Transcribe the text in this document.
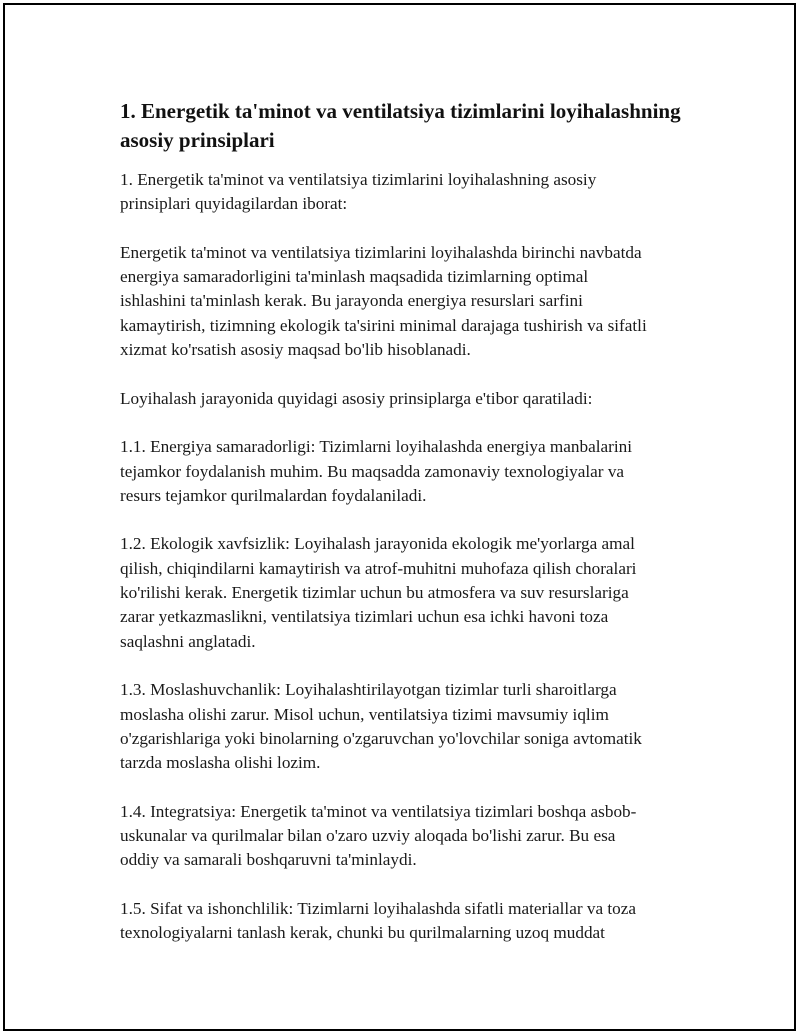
1. Energetik ta'minot va ventilatsiya tizimlarini loyihalashning asosiy prinsiplari

1. Energetik ta'minot va ventilatsiya tizimlarini loyihalashning asosiy
prinsiplari quyidagilardan iborat:

Energetik ta'minot va ventilatsiya tizimlarini loyihalashda birinchi navbatda
energiya samaradorligini ta'minlash maqsadida tizimlarning optimal
ishlashini ta'minlash kerak. Bu jarayonda energiya resurslari sarfini
kamaytirish, tizimning ekologik ta'sirini minimal darajaga tushirish va sifatli
xizmat ko'rsatish asosiy maqsad bo'lib hisoblanadi.

Loyihalash jarayonida quyidagi asosiy prinsiplarga e'tibor qaratiladi:

1.1. Energiya samaradorligi: Tizimlarni loyihalashda energiya manbalarini
tejamkor foydalanish muhim. Bu maqsadda zamonaviy texnologiyalar va
resurs tejamkor qurilmalardan foydalaniladi.

1.2. Ekologik xavfsizlik: Loyihalash jarayonida ekologik me'yorlarga amal
qilish, chiqindilarni kamaytirish va atrof-muhitni muhofaza qilish choralari
ko'rilishi kerak. Energetik tizimlar uchun bu atmosfera va suv resurslariga
zarar yetkazmaslikni, ventilatsiya tizimlari uchun esa ichki havoni toza
saqlashni anglatadi.

1.3. Moslashuvchanlik: Loyihalashtirilayotgan tizimlar turli sharoitlarga
moslasha olishi zarur. Misol uchun, ventilatsiya tizimi mavsumiy iqlim
o'zgarishlariga yoki binolarning o'zgaruvchan yo'lovchilar soniga avtomatik
tarzda moslasha olishi lozim.

1.4. Integratsiya: Energetik ta'minot va ventilatsiya tizimlari boshqa asbob-
uskunalar va qurilmalar bilan o'zaro uzviy aloqada bo'lishi zarur. Bu esa
oddiy va samarali boshqaruvni ta'minlaydi.

1.5. Sifat va ishonchlilik: Tizimlarni loyihalashda sifatli materiallar va toza
texnologiyalarni tanlash kerak, chunki bu qurilmalarning uzoq muddat
